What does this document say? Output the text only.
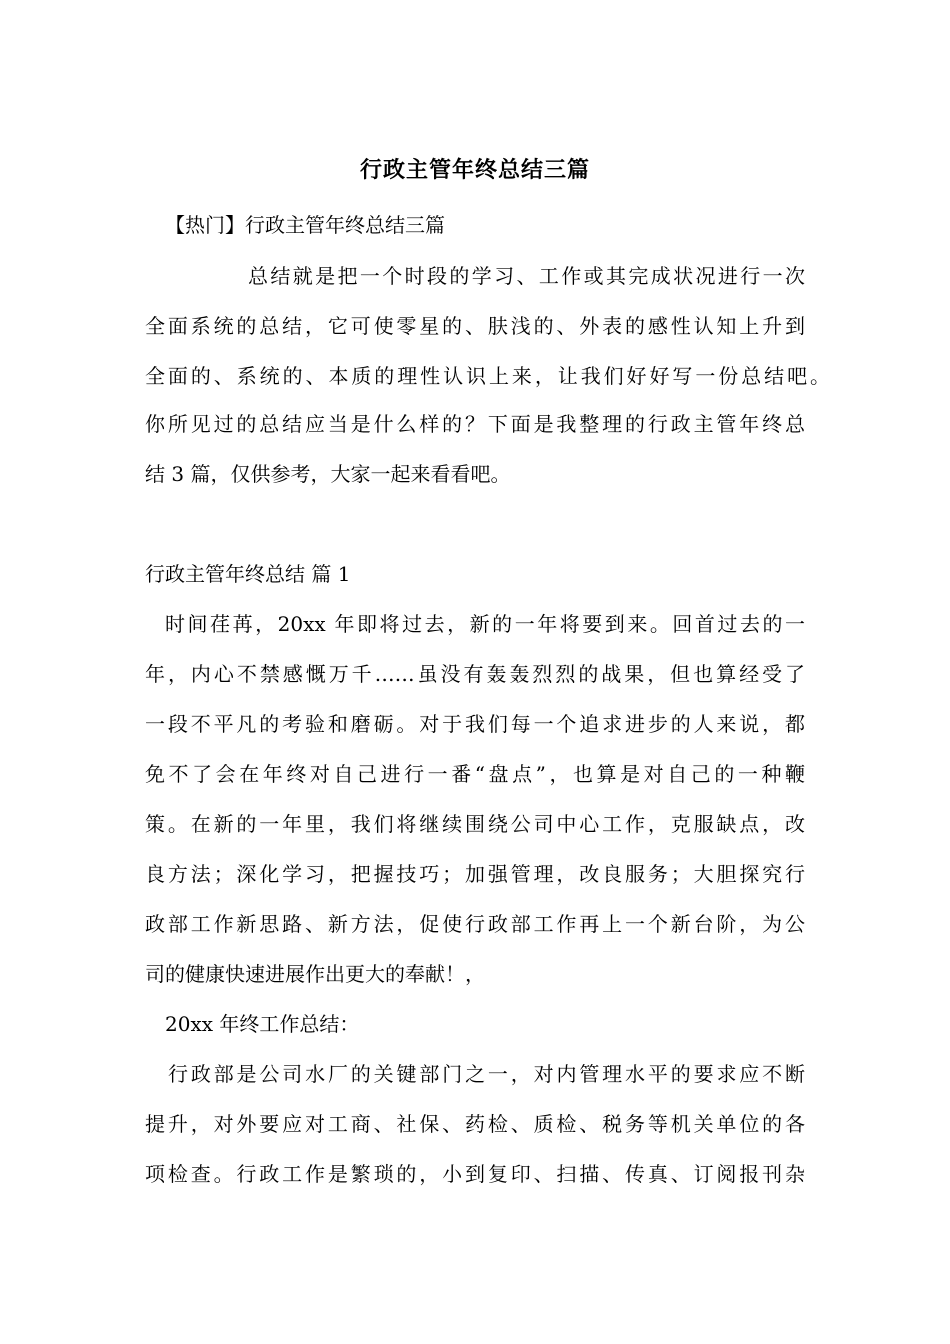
行政主管年终总结三篇
【热门】行政主管年终总结三篇
总结就是把一个时段的学习、工作或其完成状况进行一次
全面系统的总结，它可使零星的、肤浅的、外表的感性认知上升到
全面的、系统的、本质的理性认识上来，让我们好好写一份总结吧。
你所见过的总结应当是什么样的？下面是我整理的行政主管年终总
结 3 篇，仅供参考，大家一起来看看吧。
行政主管年终总结 篇 1
时间荏苒，20xx 年即将过去，新的一年将要到来。回首过去的一
年，内心不禁感慨万千……虽没有轰轰烈烈的战果，但也算经受了
一段不平凡的考验和磨砺。对于我们每一个追求进步的人来说，都
免不了会在年终对自己进行一番“盘点”，也算是对自己的一种鞭
策。在新的一年里，我们将继续围绕公司中心工作，克服缺点，改
良方法；深化学习，把握技巧；加强管理，改良服务；大胆探究行
政部工作新思路、新方法，促使行政部工作再上一个新台阶，为公
司的健康快速进展作出更大的奉献！，
20xx 年终工作总结：
行政部是公司水厂的关键部门之一，对内管理水平的要求应不断
提升，对外要应对工商、社保、药检、质检、税务等机关单位的各
项检查。行政工作是繁琐的，小到复印、扫描、传真、订阅报刊杂
